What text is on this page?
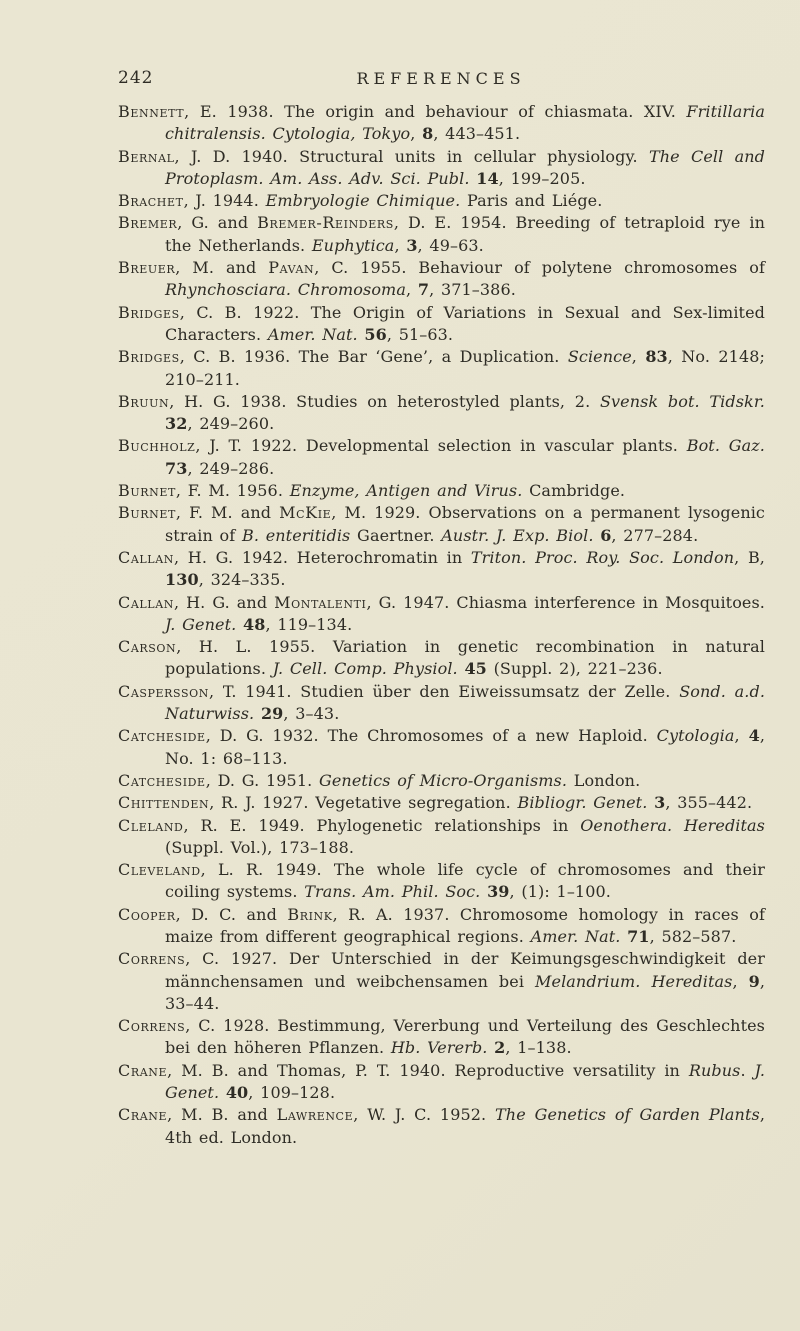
242	REFERENCES

Bennett, E. 1938. The origin and behaviour of chiasmata. XIV. Fritillaria chitralensis. Cytologia, Tokyo, 8, 443–451.

Bernal, J. D. 1940. Structural units in cellular physiology. The Cell and Protoplasm. Am. Ass. Adv. Sci. Publ. 14, 199–205.

Brachet, J. 1944. Embryologie Chimique. Paris and Liége.

Bremer, G. and Bremer-Reinders, D. E. 1954. Breeding of tetraploid rye in the Netherlands. Euphytica, 3, 49–63.

Breuer, M. and Pavan, C. 1955. Behaviour of polytene chromosomes of Rhynchosciara. Chromosoma, 7, 371–386.

Bridges, C. B. 1922. The Origin of Variations in Sexual and Sex-limited Characters. Amer. Nat. 56, 51–63.

Bridges, C. B. 1936. The Bar ‘Gene’, a Duplication. Science, 83, No. 2148; 210–211.

Bruun, H. G. 1938. Studies on heterostyled plants, 2. Svensk bot. Tidskr. 32, 249–260.

Buchholz, J. T. 1922. Developmental selection in vascular plants. Bot. Gaz. 73, 249–286.

Burnet, F. M. 1956. Enzyme, Antigen and Virus. Cambridge.

Burnet, F. M. and McKie, M. 1929. Observations on a permanent lysogenic strain of B. enteritidis Gaertner. Austr. J. Exp. Biol. 6, 277–284.

Callan, H. G. 1942. Heterochromatin in Triton. Proc. Roy. Soc. London, B, 130, 324–335.

Callan, H. G. and Montalenti, G. 1947. Chiasma interference in Mosquitoes. J. Genet. 48, 119–134.

Carson, H. L. 1955. Variation in genetic recombination in natural populations. J. Cell. Comp. Physiol. 45 (Suppl. 2), 221–236.

Caspersson, T. 1941. Studien über den Eiweissumsatz der Zelle. Sond. a.d. Naturwiss. 29, 3–43.

Catcheside, D. G. 1932. The Chromosomes of a new Haploid. Cytologia, 4, No. 1: 68–113.

Catcheside, D. G. 1951. Genetics of Micro-Organisms. London.

Chittenden, R. J. 1927. Vegetative segregation. Bibliogr. Genet. 3, 355–442.

Cleland, R. E. 1949. Phylogenetic relationships in Oenothera. Hereditas (Suppl. Vol.), 173–188.

Cleveland, L. R. 1949. The whole life cycle of chromosomes and their coiling systems. Trans. Am. Phil. Soc. 39, (1): 1–100.

Cooper, D. C. and Brink, R. A. 1937. Chromosome homology in races of maize from different geographical regions. Amer. Nat. 71, 582–587.

Correns, C. 1927. Der Unterschied in der Keimungsgeschwindigkeit der männchensamen und weibchensamen bei Melandrium. Hereditas, 9, 33–44.

Correns, C. 1928. Bestimmung, Vererbung und Verteilung des Geschlechtes bei den höheren Pflanzen. Hb. Vererb. 2, 1–138.

Crane, M. B. and Thomas, P. T. 1940. Reproductive versatility in Rubus. J. Genet. 40, 109–128.

Crane, M. B. and Lawrence, W. J. C. 1952. The Genetics of Garden Plants, 4th ed. London.
